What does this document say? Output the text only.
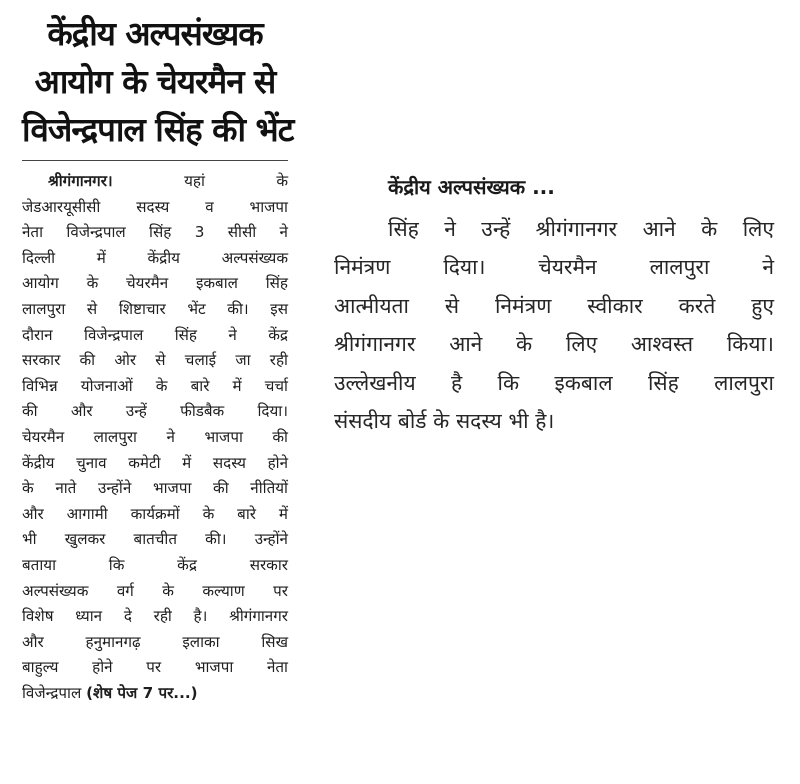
केंद्रीय अल्पसंख्यक
आयोग के चेयरमैन से
विजेन्द्रपाल सिंह की भेंट
श्रीगंगानगर।	यहां के
जेडआरयूसीसी सदस्य व भाजपा
नेता विजेन्द्रपाल सिंह 3 सीसी ने
दिल्ली में केंद्रीय अल्पसंख्यक
आयोग के चेयरमैन इकबाल सिंह
लालपुरा से शिष्टाचार भेंट की। इस
दौरान विजेन्द्रपाल सिंह ने केंद्र
सरकार की ओर से चलाई जा रही
विभिन्न योजनाओं के बारे में चर्चा
की और उन्हें फीडबैक दिया।
चेयरमैन लालपुरा ने भाजपा की
केंद्रीय चुनाव कमेटी में सदस्य होने
के नाते उन्होंने भाजपा की नीतियों
और आगामी कार्यक्रमों के बारे में
भी खुलकर बातचीत की। उन्होंने
बताया कि केंद्र सरकार
अल्पसंख्यक वर्ग के कल्याण पर
विशेष ध्यान दे रही है। श्रीगंगानगर
और हनुमानगढ़ इलाका सिख
बाहुल्य होने पर भाजपा नेता
विजेन्द्रपाल (शेष पेज 7 पर...)
केंद्रीय अल्पसंख्यक ...
सिंह ने उन्हें श्रीगंगानगर आने के लिए
निमंत्रण दिया। चेयरमैन लालपुरा ने
आत्मीयता से निमंत्रण स्वीकार करते हुए
श्रीगंगानगर आने के लिए आश्वस्त किया।
उल्लेखनीय है कि इकबाल सिंह लालपुरा
संसदीय बोर्ड के सदस्य भी है।
